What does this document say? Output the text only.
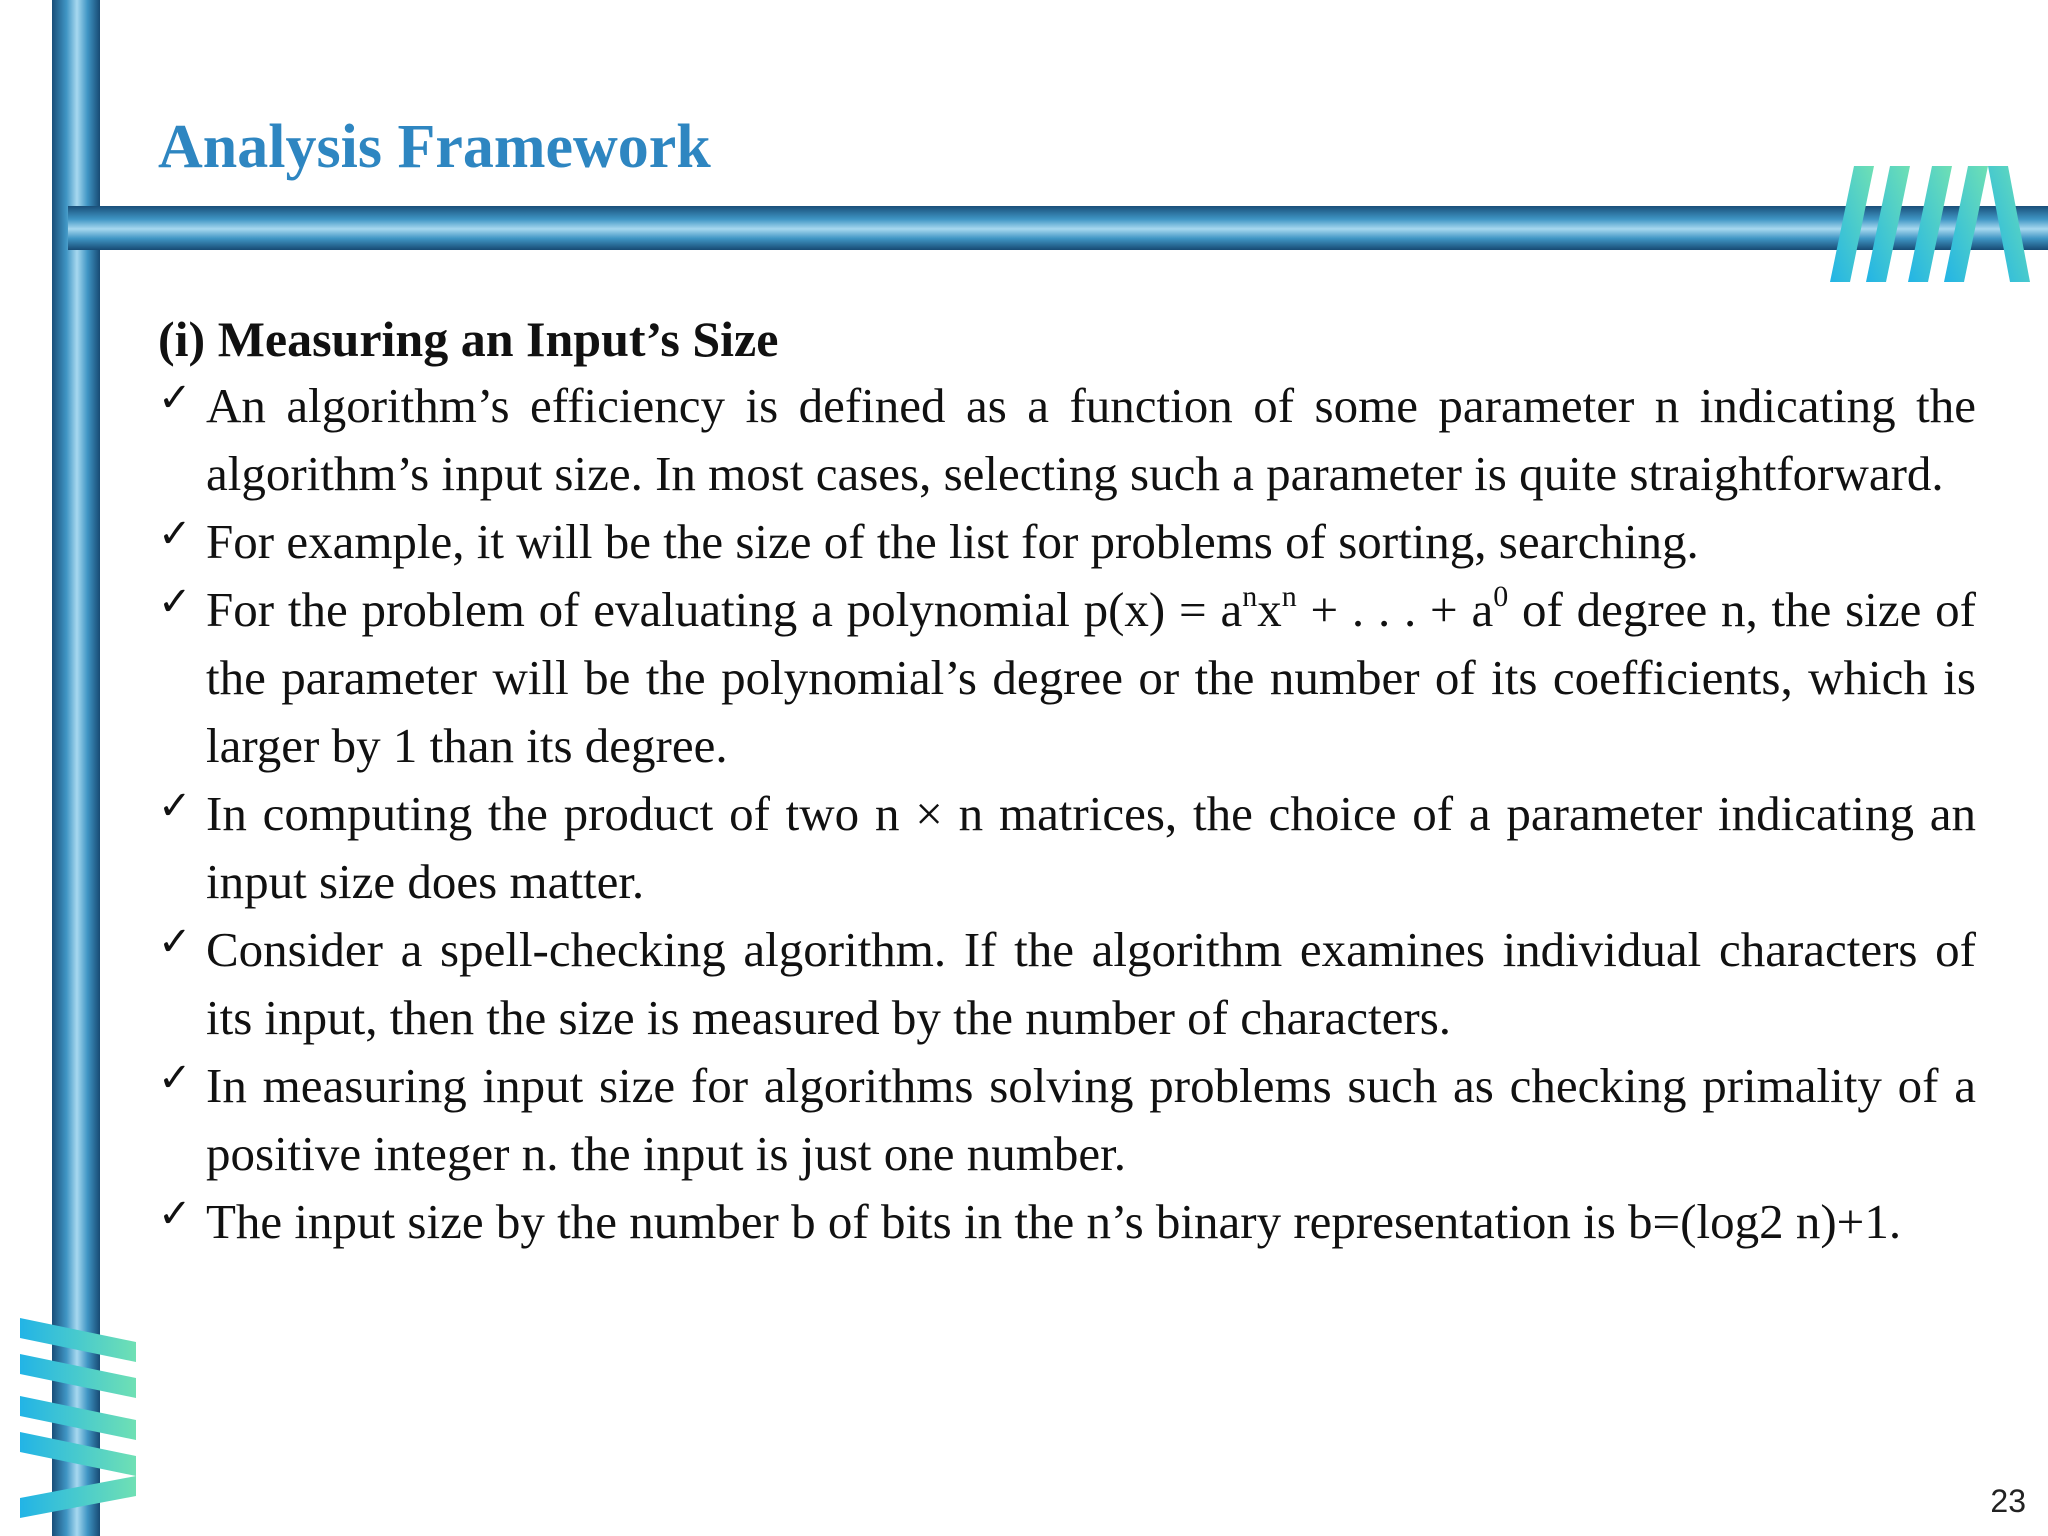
Analysis Framework

(i) Measuring an Input’s Size

✓ An algorithm’s efficiency is defined as a function of some parameter n indicating the algorithm’s input size. In most cases, selecting such a parameter is quite straightforward.
✓ For example, it will be the size of the list for problems of sorting, searching.
✓ For the problem of evaluating a polynomial $p(x) = a^nx^n$ + . . . + $a^0$ of degree n, the size of the parameter will be the polynomial’s degree or the number of its coefficients, which is larger by 1 than its degree.
✓ In computing the product of two n × n matrices, the choice of a parameter indicating an input size does matter.
✓ Consider a spell-checking algorithm. If the algorithm examines individual characters of its input, then the size is measured by the number of characters.
✓ In measuring input size for algorithms solving problems such as checking primality of a positive integer n. the input is just one number.
✓ The input size by the number b of bits in the n’s binary representation is b=(log2 n)+1.
23
